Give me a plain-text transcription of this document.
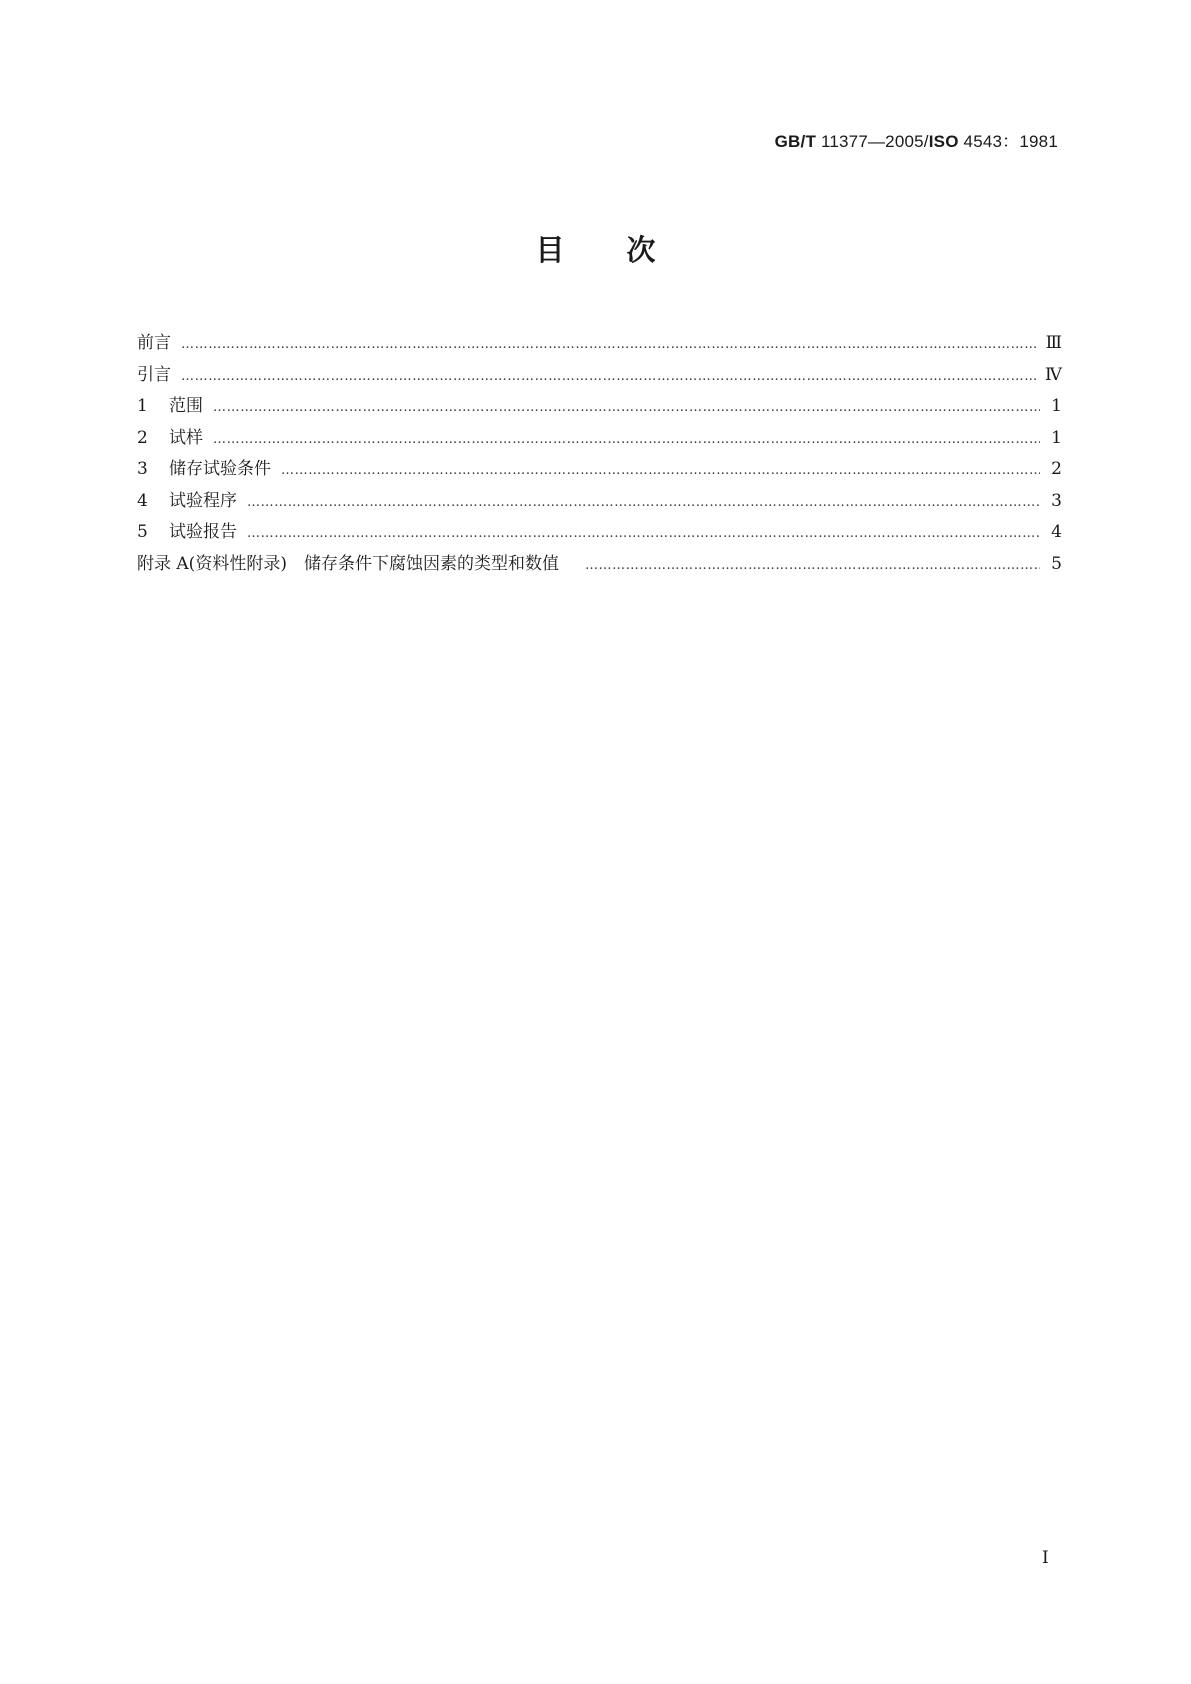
GB/T 11377—2005/ISO 4543：1981
目次
前言 ………………………………………………………………………………………………………………………………………………………………………………………………………………………………	Ⅲ
引言 ………………………………………………………………………………………………………………………………………………………………………………………………………………………………	Ⅳ
1	范围 ………………………………………………………………………………………………………………………………………………………………………………………………………………………………	1
2	试样 ………………………………………………………………………………………………………………………………………………………………………………………………………………………………	1
3	储存试验条件 ………………………………………………………………………………………………………………………………………………………………………………………………………………………………	2
4	试验程序 ………………………………………………………………………………………………………………………………………………………………………………………………………………………………	3
5	试验报告 ………………………………………………………………………………………………………………………………………………………………………………………………………………………………	4
附录 A(资料性附录)　储存条件下腐蚀因素的类型和数值 ………………………………………………………………………………………………………………………………………………………………………………………………………………………………	5
Ⅰ
